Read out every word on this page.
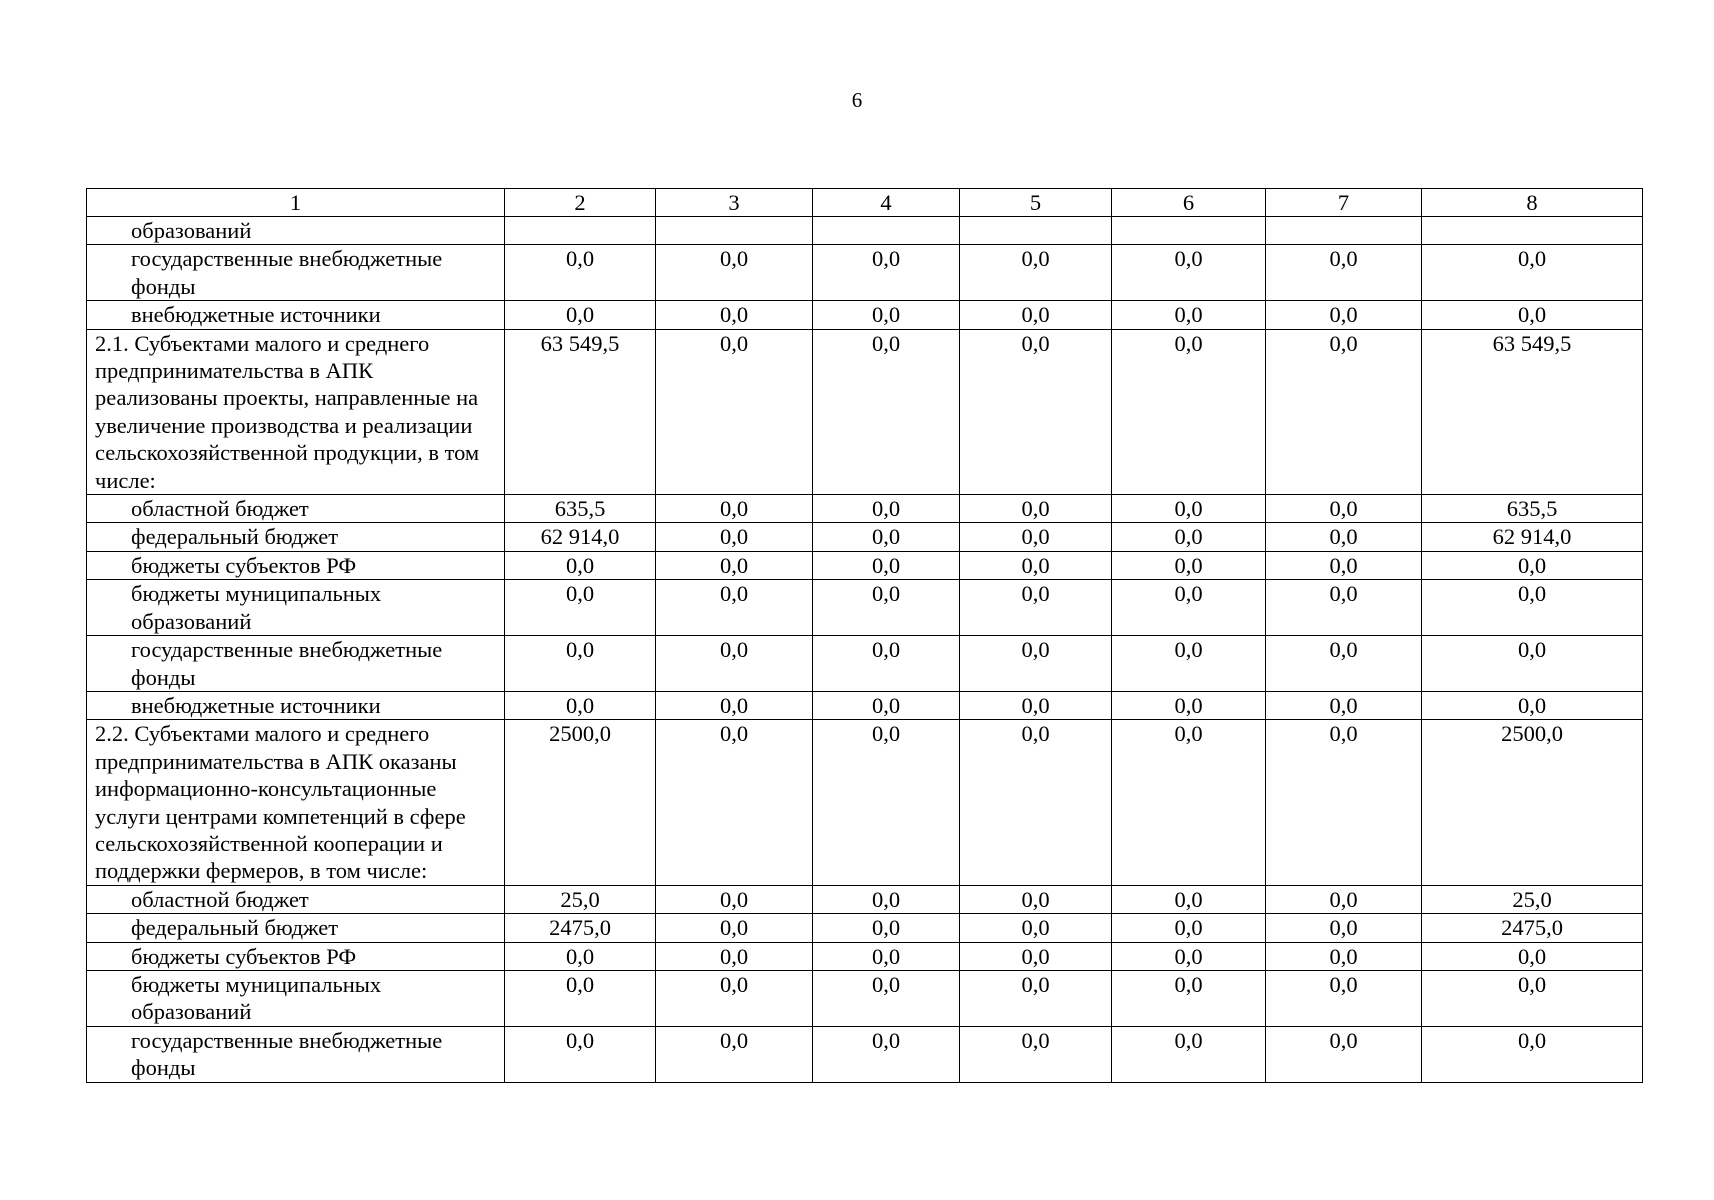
6
1	2	3	4	5	6	7	8
образований							
государственные внебюджетные фонды	0,0	0,0	0,0	0,0	0,0	0,0	0,0
внебюджетные источники	0,0	0,0	0,0	0,0	0,0	0,0	0,0
2.1. Субъектами малого и среднего предпринимательства в АПК реализованы проекты, направленные на увеличение производства и реализации сельскохозяйственной продукции, в том числе:	63 549,5	0,0	0,0	0,0	0,0	0,0	63 549,5
областной бюджет	635,5	0,0	0,0	0,0	0,0	0,0	635,5
федеральный бюджет	62 914,0	0,0	0,0	0,0	0,0	0,0	62 914,0
бюджеты субъектов РФ	0,0	0,0	0,0	0,0	0,0	0,0	0,0
бюджеты муниципальных образований	0,0	0,0	0,0	0,0	0,0	0,0	0,0
государственные внебюджетные фонды	0,0	0,0	0,0	0,0	0,0	0,0	0,0
внебюджетные источники	0,0	0,0	0,0	0,0	0,0	0,0	0,0
2.2. Субъектами малого и среднего предпринимательства в АПК оказаны информационно-консультационные услуги центрами компетенций в сфере сельскохозяйственной кооперации и поддержки фермеров, в том числе:	2500,0	0,0	0,0	0,0	0,0	0,0	2500,0
областной бюджет	25,0	0,0	0,0	0,0	0,0	0,0	25,0
федеральный бюджет	2475,0	0,0	0,0	0,0	0,0	0,0	2475,0
бюджеты субъектов РФ	0,0	0,0	0,0	0,0	0,0	0,0	0,0
бюджеты муниципальных образований	0,0	0,0	0,0	0,0	0,0	0,0	0,0
государственные внебюджетные фонды	0,0	0,0	0,0	0,0	0,0	0,0	0,0
